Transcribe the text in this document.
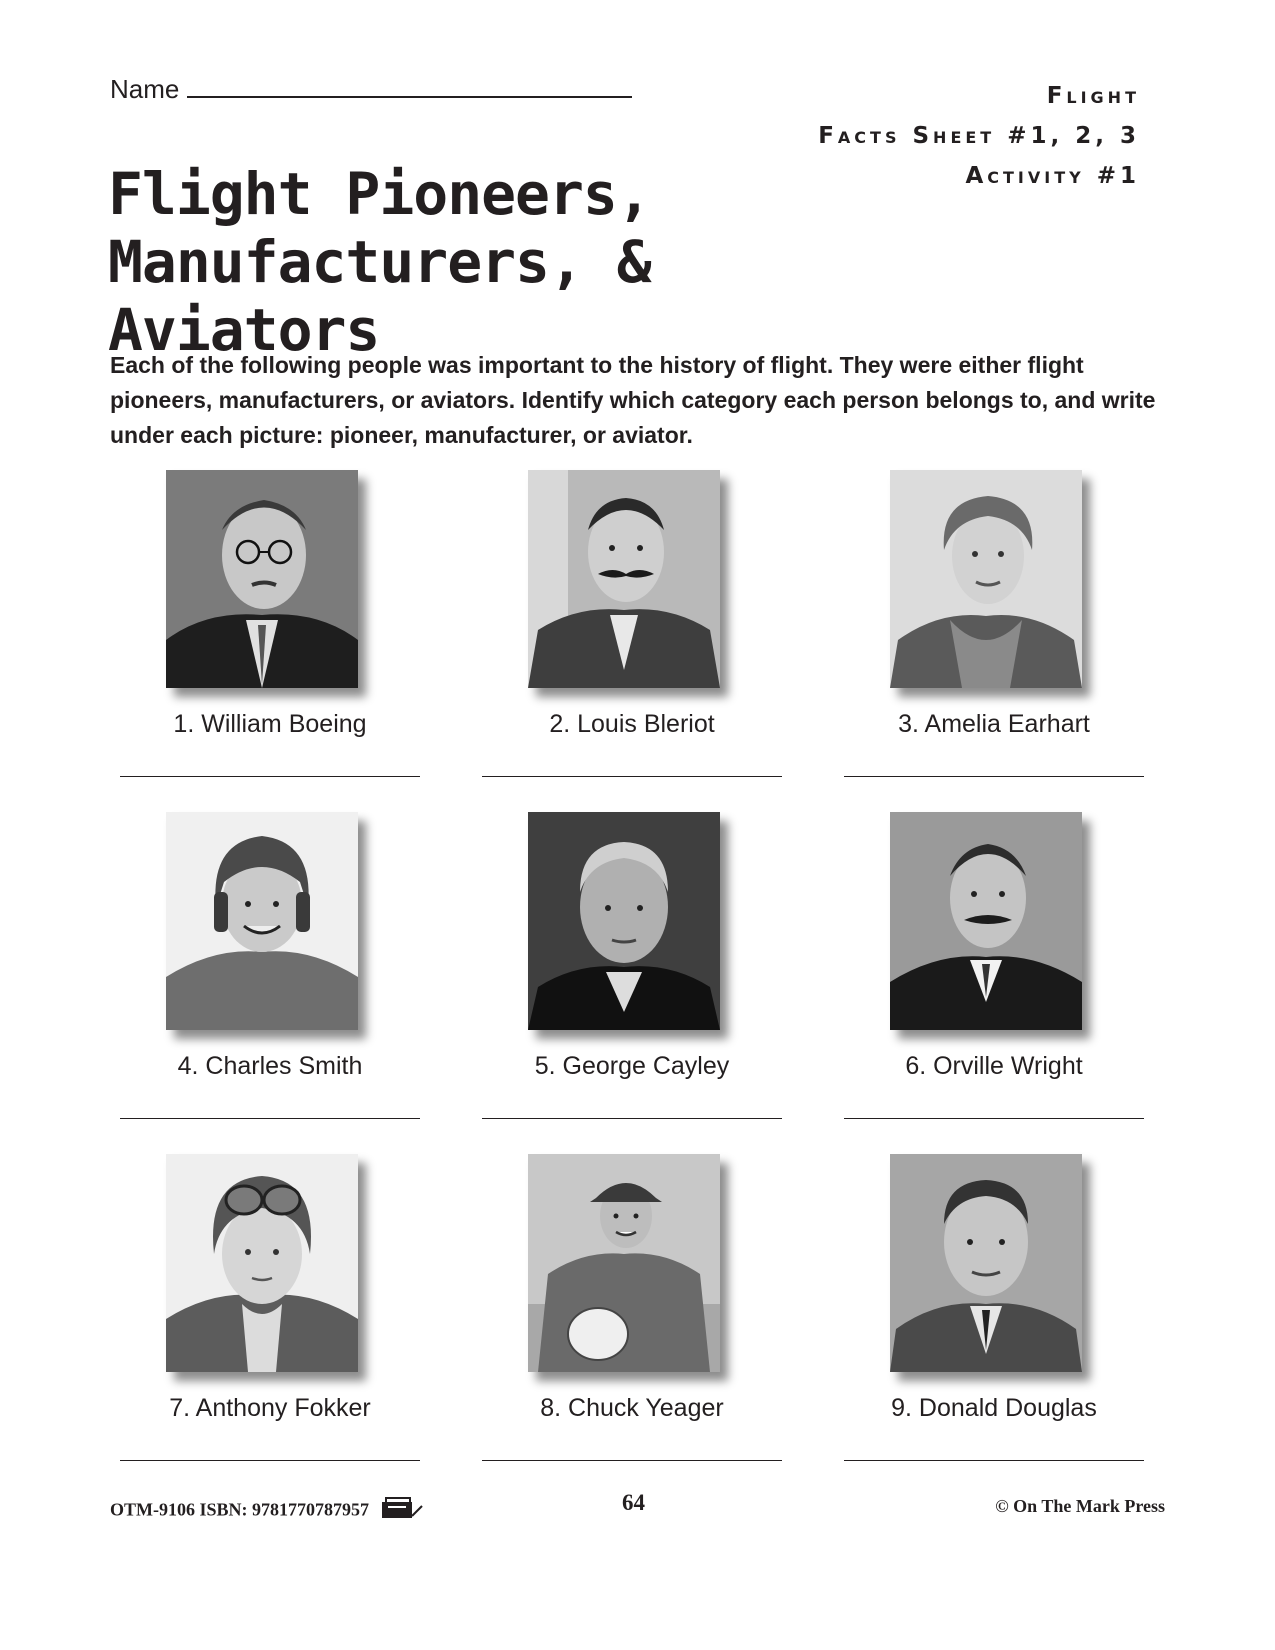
Name	Flight
Facts Sheet #1, 2, 3
Activity #1
Flight Pioneers,
Manufacturers, & Aviators
Each of the following people was important to the history of flight. They were either flight pioneers, manufacturers, or aviators. Identify which category each person belongs to, and write under each picture: pioneer, manufacturer, or aviator.
1. William Boeing	2. Louis Bleriot	3. Amelia Earhart
4. Charles Smith	5. George Cayley	6. Orville Wright
7. Anthony Fokker	8. Chuck Yeager	9. Donald Douglas
OTM-9106 ISBN: 9781770787957	64	© On The Mark Press
